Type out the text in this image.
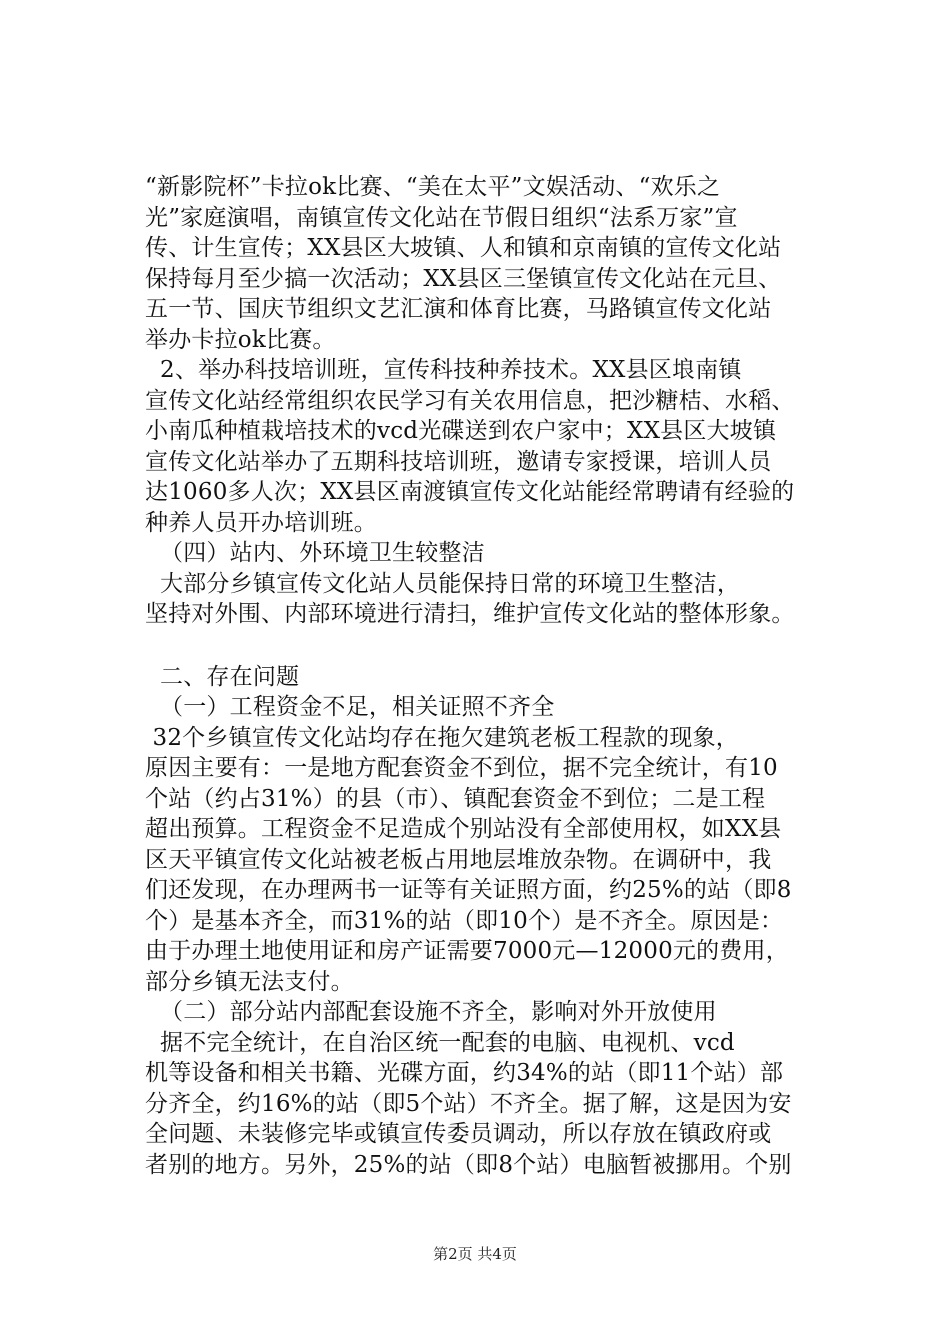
“新影院杯”卡拉ok比赛、“美在太平”文娱活动、“欢乐之
光”家庭演唱，南镇宣传文化站在节假日组织“法系万家”宣
传、计生宣传；XX县区大坡镇、人和镇和京南镇的宣传文化站
保持每月至少搞一次活动；XX县区三堡镇宣传文化站在元旦、
五一节、国庆节组织文艺汇演和体育比赛，马路镇宣传文化站
举办卡拉ok比赛。
2、举办科技培训班，宣传科技种养技术。XX县区埌南镇
宣传文化站经常组织农民学习有关农用信息，把沙糖桔、水稻、
小南瓜种植栽培技术的vcd光碟送到农户家中；XX县区大坡镇
宣传文化站举办了五期科技培训班，邀请专家授课，培训人员
达1060多人次；XX县区南渡镇宣传文化站能经常聘请有经验的
种养人员开办培训班。
（四）站内、外环境卫生较整洁
大部分乡镇宣传文化站人员能保持日常的环境卫生整洁，
坚持对外围、内部环境进行清扫，维护宣传文化站的整体形象。
二、存在问题
（一）工程资金不足，相关证照不齐全
32个乡镇宣传文化站均存在拖欠建筑老板工程款的现象，
原因主要有：一是地方配套资金不到位，据不完全统计，有10
个站（约占31%）的县（市）、镇配套资金不到位；二是工程
超出预算。工程资金不足造成个别站没有全部使用权，如XX县
区天平镇宣传文化站被老板占用地层堆放杂物。在调研中，我
们还发现，在办理两书一证等有关证照方面，约25%的站（即8
个）是基本齐全，而31%的站（即10个）是不齐全。原因是：
由于办理土地使用证和房产证需要7000元—12000元的费用，
部分乡镇无法支付。
（二）部分站内部配套设施不齐全，影响对外开放使用
据不完全统计，在自治区统一配套的电脑、电视机、vcd
机等设备和相关书籍、光碟方面，约34%的站（即11个站）部
分齐全，约16%的站（即5个站）不齐全。据了解，这是因为安
全问题、未装修完毕或镇宣传委员调动，所以存放在镇政府或
者别的地方。另外，25%的站（即8个站）电脑暂被挪用。个别
第2页 共4页
